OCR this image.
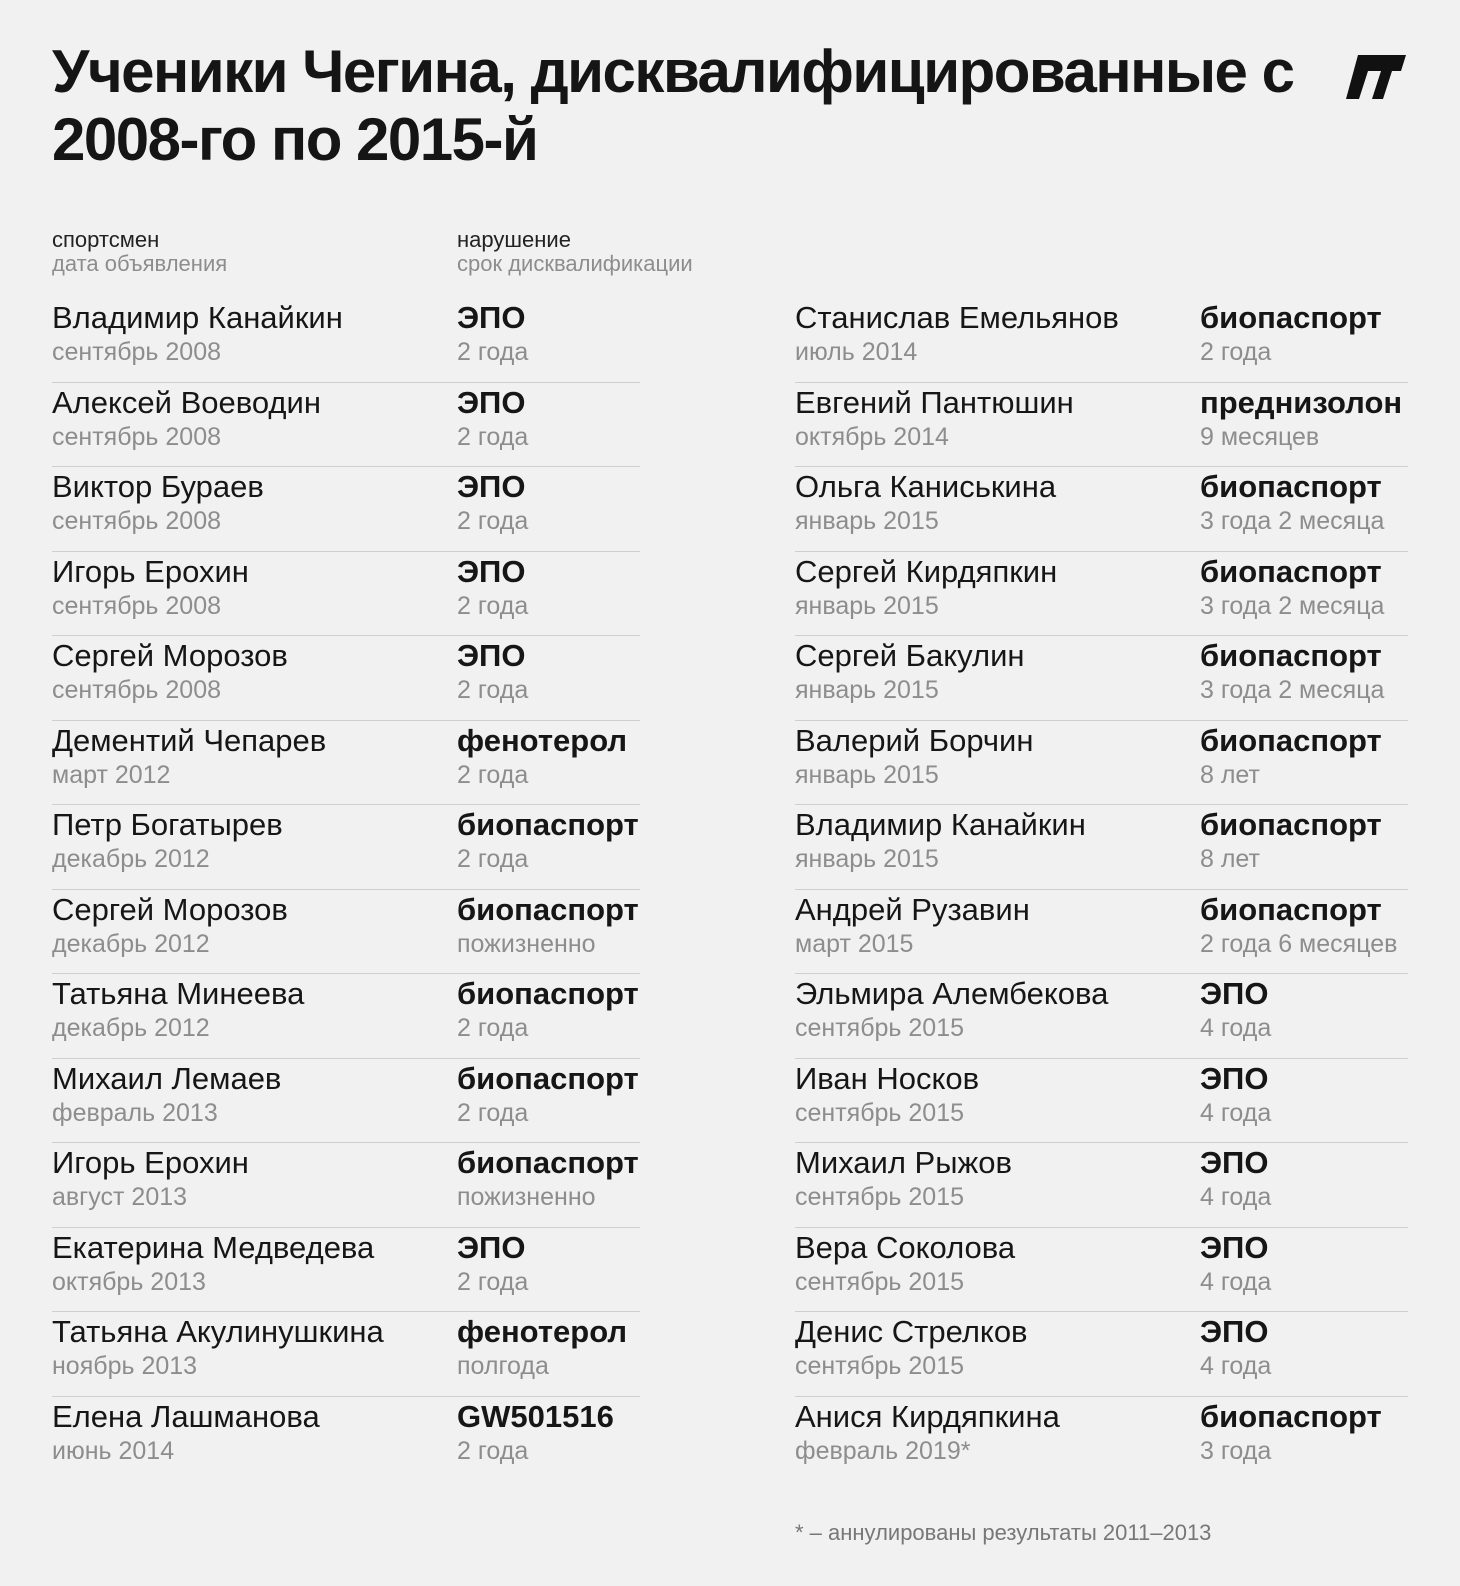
Ученики Чегина, дисквалифицированные с 2008-го по 2015-й
спортсмен
дата объявления
нарушение
срок дисквалификации
Владимир Канайкин
сентябрь 2008
ЭПО
2 года
Алексей Воеводин
сентябрь 2008
ЭПО
2 года
Виктор Бураев
сентябрь 2008
ЭПО
2 года
Игорь Ерохин
сентябрь 2008
ЭПО
2 года
Сергей Морозов
сентябрь 2008
ЭПО
2 года
Дементий Чепарев
март 2012
фенотерол
2 года
Петр Богатырев
декабрь 2012
биопаспорт
2 года
Сергей Морозов
декабрь 2012
биопаспорт
пожизненно
Татьяна Минеева
декабрь 2012
биопаспорт
2 года
Михаил Лемаев
февраль 2013
биопаспорт
2 года
Игорь Ерохин
август 2013
биопаспорт
пожизненно
Екатерина Медведева
октябрь 2013
ЭПО
2 года
Татьяна Акулинушкина
ноябрь 2013
фенотерол
полгода
Елена Лашманова
июнь 2014
GW501516
2 года
Станислав Емельянов
июль 2014
биопаспорт
2 года
Евгений Пантюшин
октябрь 2014
преднизолон
9 месяцев
Ольга Каниськина
январь 2015
биопаспорт
3 года 2 месяца
Сергей Кирдяпкин
январь 2015
биопаспорт
3 года 2 месяца
Сергей Бакулин
январь 2015
биопаспорт
3 года 2 месяца
Валерий Борчин
январь 2015
биопаспорт
8 лет
Владимир Канайкин
январь 2015
биопаспорт
8 лет
Андрей Рузавин
март 2015
биопаспорт
2 года 6 месяцев
Эльмира Алембекова
сентябрь 2015
ЭПО
4 года
Иван Носков
сентябрь 2015
ЭПО
4 года
Михаил Рыжов
сентябрь 2015
ЭПО
4 года
Вера Соколова
сентябрь 2015
ЭПО
4 года
Денис Стрелков
сентябрь 2015
ЭПО
4 года
Анися Кирдяпкина
февраль 2019*
биопаспорт
3 года
* – аннулированы результаты 2011–2013
